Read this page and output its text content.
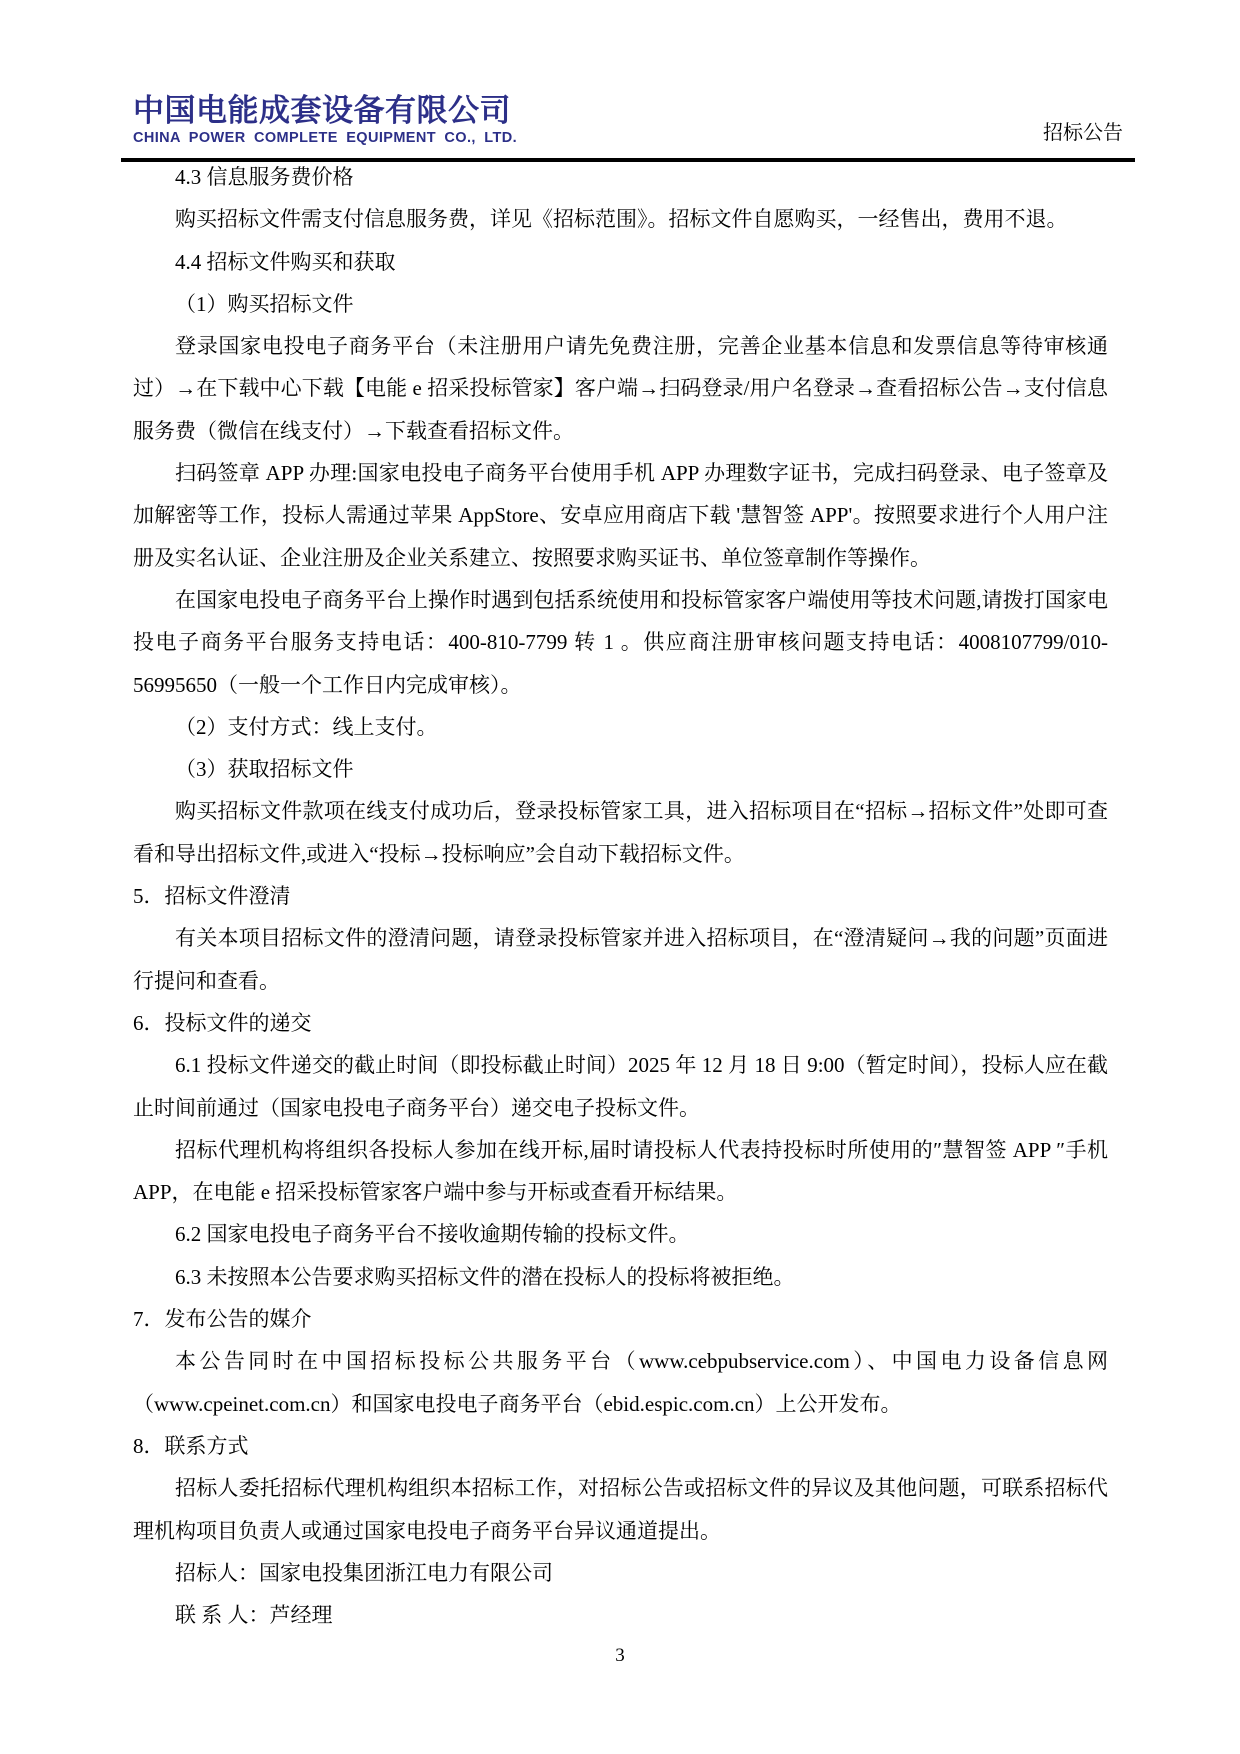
中国电能成套设备有限公司
CHINA POWER COMPLETE EQUIPMENT CO., LTD.	招标公告

4.3 信息服务费价格

购买招标文件需支付信息服务费，详见《招标范围》。招标文件自愿购买，一经售出，费用不退。

4.4 招标文件购买和获取

（1）购买招标文件

登录国家电投电子商务平台（未注册用户请先免费注册，完善企业基本信息和发票信息等待审核通过）→在下载中心下载【电能 e 招采投标管家】客户端→扫码登录/用户名登录→查看招标公告→支付信息服务费（微信在线支付）→下载查看招标文件。

扫码签章 APP 办理:国家电投电子商务平台使用手机 APP 办理数字证书，完成扫码登录、电子签章及加解密等工作，投标人需通过苹果 AppStore、安卓应用商店下载 '慧智签 APP'。按照要求进行个人用户注册及实名认证、企业注册及企业关系建立、按照要求购买证书、单位签章制作等操作。

在国家电投电子商务平台上操作时遇到包括系统使用和投标管家客户端使用等技术问题,请拨打国家电投电子商务平台服务支持电话：400-810-7799 转 1 。供应商注册审核问题支持电话：4008107799/010-56995650（一般一个工作日内完成审核）。

（2）支付方式：线上支付。

（3）获取招标文件

购买招标文件款项在线支付成功后，登录投标管家工具，进入招标项目在“招标→招标文件”处即可查看和导出招标文件,或进入“投标→投标响应”会自动下载招标文件。

5．招标文件澄清

有关本项目招标文件的澄清问题，请登录投标管家并进入招标项目，在“澄清疑问→我的问题”页面进行提问和查看。

6．投标文件的递交

6.1 投标文件递交的截止时间（即投标截止时间）2025 年 12 月 18 日 9:00（暂定时间），投标人应在截止时间前通过（国家电投电子商务平台）递交电子投标文件。

招标代理机构将组织各投标人参加在线开标,届时请投标人代表持投标时所使用的″慧智签 APP ″手机 APP，在电能 e 招采投标管家客户端中参与开标或查看开标结果。

6.2 国家电投电子商务平台不接收逾期传输的投标文件。

6.3 未按照本公告要求购买招标文件的潜在投标人的投标将被拒绝。

7．发布公告的媒介

本公告同时在中国招标投标公共服务平台（www.cebpubservice.com）、中国电力设备信息网（www.cpeinet.com.cn）和国家电投电子商务平台（ebid.espic.com.cn）上公开发布。

8．联系方式

招标人委托招标代理机构组织本招标工作，对招标公告或招标文件的异议及其他问题，可联系招标代理机构项目负责人或通过国家电投电子商务平台异议通道提出。

招标人：国家电投集团浙江电力有限公司

联 系 人：芦经理

3
